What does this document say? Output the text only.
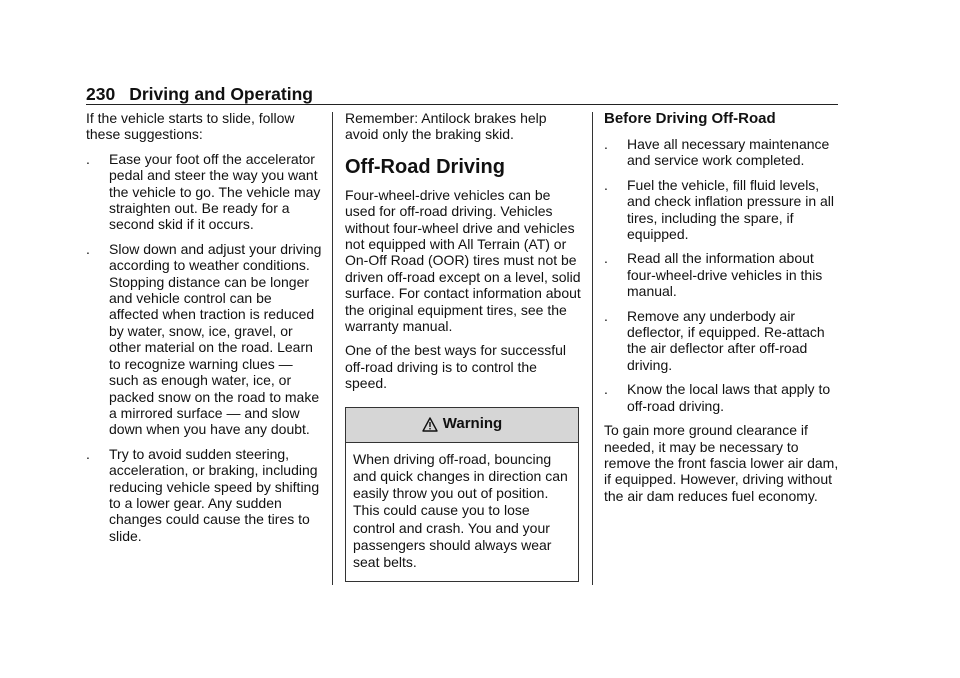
230 Driving and Operating

If the vehicle starts to slide, follow these suggestions:

. Ease your foot off the accelerator pedal and steer the way you want the vehicle to go. The vehicle may straighten out. Be ready for a second skid if it occurs.
. Slow down and adjust your driving according to weather conditions. Stopping distance can be longer and vehicle control can be affected when traction is reduced by water, snow, ice, gravel, or other material on the road. Learn to recognize warning clues — such as enough water, ice, or packed snow on the road to make a mirrored surface — and slow down when you have any doubt.
. Try to avoid sudden steering, acceleration, or braking, including reducing vehicle speed by shifting to a lower gear. Any sudden changes could cause the tires to slide.

Remember: Antilock brakes help avoid only the braking skid.

Off-Road Driving

Four-wheel-drive vehicles can be used for off-road driving. Vehicles without four-wheel drive and vehicles not equipped with All Terrain (AT) or On-Off Road (OOR) tires must not be driven off-road except on a level, solid surface. For contact information about the original equipment tires, see the warranty manual.

One of the best ways for successful off-road driving is to control the speed.

Warning
When driving off-road, bouncing and quick changes in direction can easily throw you out of position. This could cause you to lose control and crash. You and your passengers should always wear seat belts.
Before Driving Off-Road
. Have all necessary maintenance and service work completed.
. Fuel the vehicle, fill fluid levels, and check inflation pressure in all tires, including the spare, if equipped.
. Read all the information about four-wheel-drive vehicles in this manual.
. Remove any underbody air deflector, if equipped. Re-attach the air deflector after off-road driving.
. Know the local laws that apply to off-road driving.

To gain more ground clearance if needed, it may be necessary to remove the front fascia lower air dam, if equipped. However, driving without the air dam reduces fuel economy.
